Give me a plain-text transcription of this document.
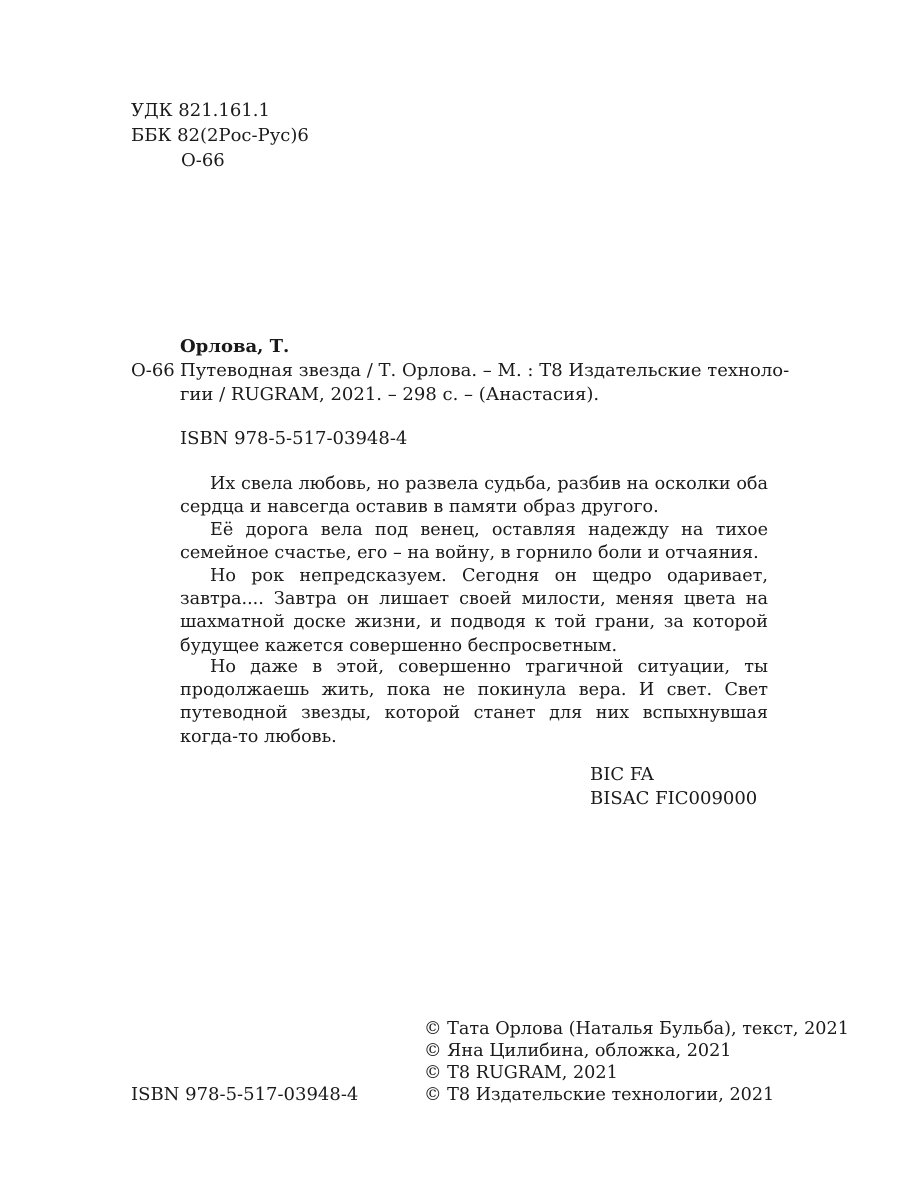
УДК 821.161.1

ББК 82(2Рос-Рус)6

О-66

Орлова, Т.

О-66 Путеводная звезда / Т. Орлова. – М. : Т8 Издательские техноло-

гии / RUGRAM, 2021. – 298 с. – (Анастасия).

ISBN 978-5-517-03948-4

Их свела любовь, но развела судьба, разбив на осколки оба сердца и навсегда оставив в памяти образ другого.

Её дорога вела под венец, оставляя надежду на тихое семейное счастье, его – на войну, в горнило боли и отчаяния.

Но рок непредсказуем. Сегодня он щедро одаривает, завтра.... Завтра он лишает своей милости, меняя цвета на шахматной доске жизни, и подводя к той грани, за которой будущее кажется совершенно беспросветным.

Но даже в этой, совершенно трагичной ситуации, ты продолжаешь жить, пока не покинула вера. И свет. Свет путеводной звезды, которой станет для них вспыхнувшая когда-то любовь.

BIC FA

BISAC FIC009000

ISBN 978-5-517-03948-4

© Тата Орлова (Наталья Бульба), текст, 2021

© Яна Цилибина, обложка, 2021

© Т8 RUGRAM, 2021

© Т8 Издательские технологии, 2021
